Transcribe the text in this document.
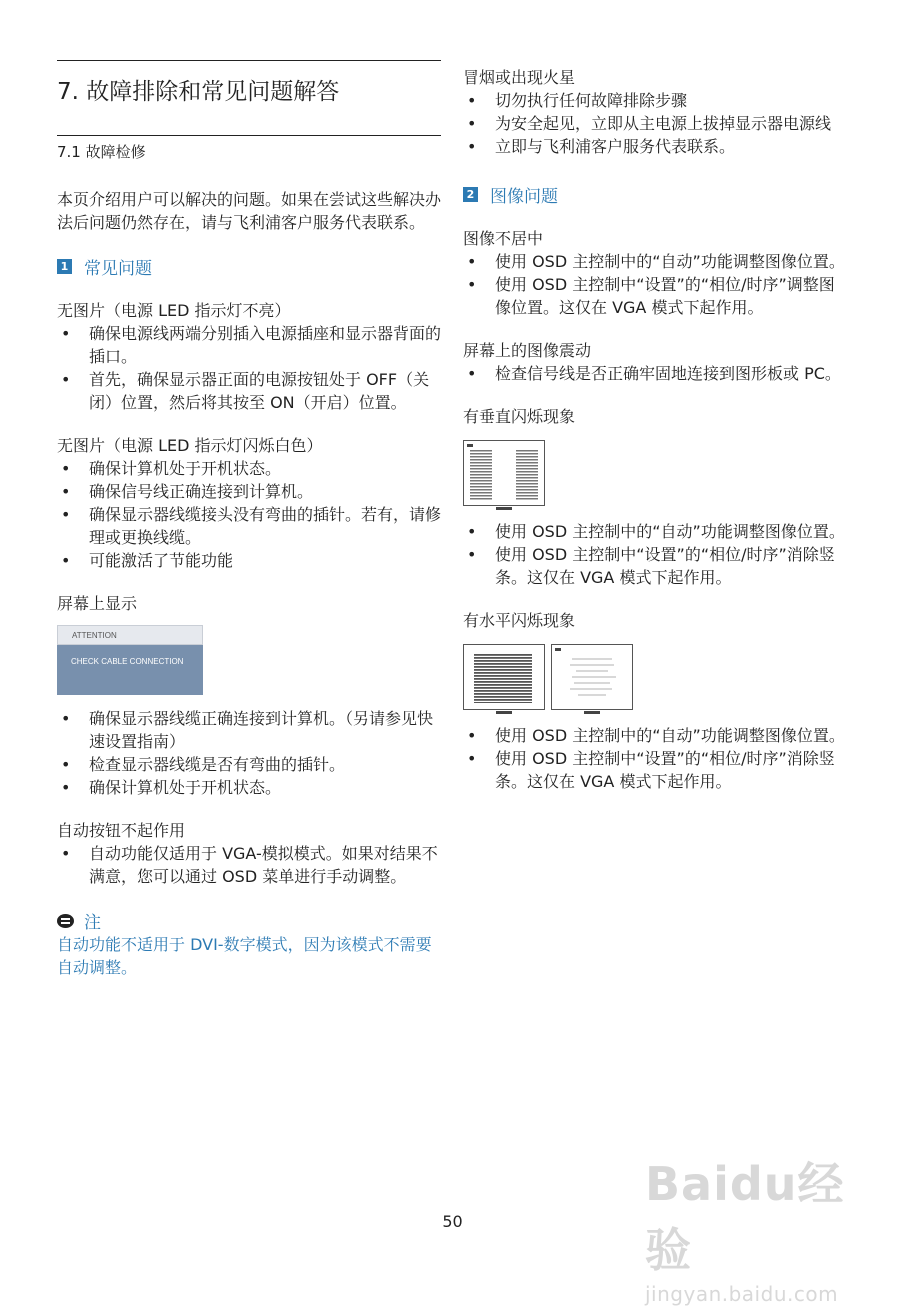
7. 故障排除和常见问题解答
7.1 故障检修

本页介绍用户可以解决的问题。如果在尝试这些解决办法后问题仍然存在，请与飞利浦客户服务代表联系。

1 常见问题
无图片（电源 LED 指示灯不亮）
• 确保电源线两端分别插入电源插座和显示器背面的插口。
• 首先，确保显示器正面的电源按钮处于 OFF（关闭）位置，然后将其按至 ON（开启）位置。
无图片（电源 LED 指示灯闪烁白色）
• 确保计算机处于开机状态。
• 确保信号线正确连接到计算机。
• 确保显示器线缆接头没有弯曲的插针。若有，请修理或更换线缆。
• 可能激活了节能功能
屏幕上显示
ATTENTION
CHECK CABLE CONNECTION
• 确保显示器线缆正确连接到计算机。（另请参见快速设置指南）
• 检查显示器线缆是否有弯曲的插针。
• 确保计算机处于开机状态。
自动按钮不起作用
• 自动功能仅适用于 VGA-模拟模式。如果对结果不满意，您可以通过 OSD 菜单进行手动调整。
注
自动功能不适用于 DVI-数字模式，因为该模式不需要自动调整。
冒烟或出现火星
• 切勿执行任何故障排除步骤
• 为安全起见，立即从主电源上拔掉显示器电源线
• 立即与飞利浦客户服务代表联系。
2 图像问题
图像不居中
• 使用 OSD 主控制中的“自动”功能调整图像位置。
• 使用 OSD 主控制中“设置”的“相位/时序”调整图像位置。这仅在 VGA 模式下起作用。
屏幕上的图像震动
• 检查信号线是否正确牢固地连接到图形板或 PC。
有垂直闪烁现象
• 使用 OSD 主控制中的“自动”功能调整图像位置。
• 使用 OSD 主控制中“设置”的“相位/时序”消除竖条。这仅在 VGA 模式下起作用。
有水平闪烁现象
• 使用 OSD 主控制中的“自动”功能调整图像位置。
• 使用 OSD 主控制中“设置”的“相位/时序”消除竖条。这仅在 VGA 模式下起作用。
50
Baidu经验
jingyan.baidu.com
